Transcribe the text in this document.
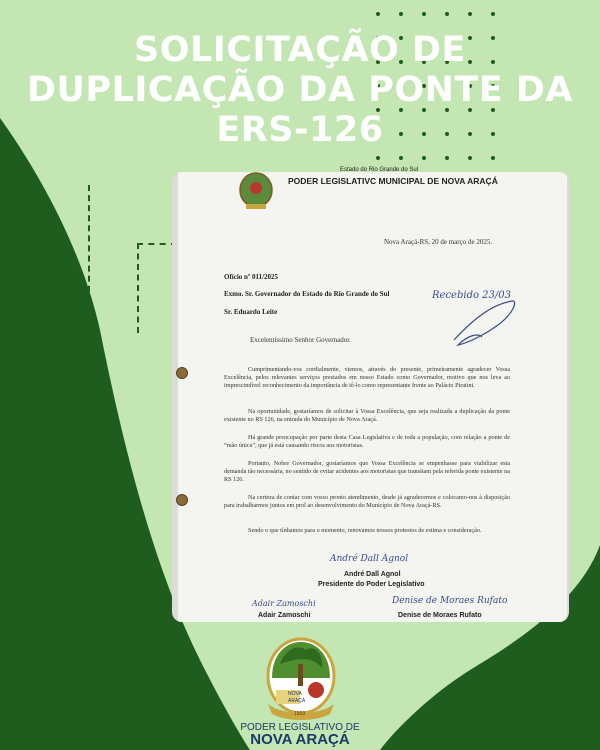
SOLICITAÇÃO DE
DUPLICAÇÃO DA PONTE DA
ERS-126
Estado do Rio Grande do Sul
PODER LEGISLATIVC MUNICIPAL DE NOVA ARAÇÁ
Nova Araçá-RS, 20 de março de 2025.
Ofício nº 011/2025
Exmo. Sr. Governador do Estado do Rio Grande do Sul
Sr. Eduardo Leite
Recebido 23/03
Excelentíssimo Senhor Governador.
Cumprimentando-vos cordialmente, viemos, através do presente, primeiramente agradecer Vossa Excelência, pelos relevantes serviços prestados em nosso Estado como Governador, motivo que nos leva ao imprescindível reconhecimento da importância de tê-lo como representante frente ao Palácio Piratini.
Na oportunidade, gostaríamos de solicitar à Vossa Excelência, que seja realizada a duplicação da ponte existente no RS 126, na entrada do Município de Nova Araçá.
Há grande preocupação por parte desta Casa Legislativa e de toda a população, com relação a ponte de “mão única”, que já está causando riscos aos motoristas.
Portanto, Nobre Governador, gostaríamos que Vossa Excelência se empenhasse para viabilizar esta demanda tão necessária, no sentido de evitar acidentes aos motoristas que transitam pela referida ponte existente na RS 126.
Na certeza de contar com vosso pronto atendimento, desde já agradecemos e colocamo-nos à disposição para trabalharmos juntos em prol ao desenvolvimento do Município de Nova Araçá-RS.
Sendo o que tínhamos para o momento, renovamos nossos protestos de estima e consideração.
André Dall Agnol
André Dall Agnol
Presidente do Poder Legislativo
Adair Zamoschi
Adair Zamoschi
Denise de Moraes Rufato
Denise de Moraes Rufato
NOVA
ARAÇÁ
1959
PODER LEGISLATIVO DE
NOVA ARAÇÁ
